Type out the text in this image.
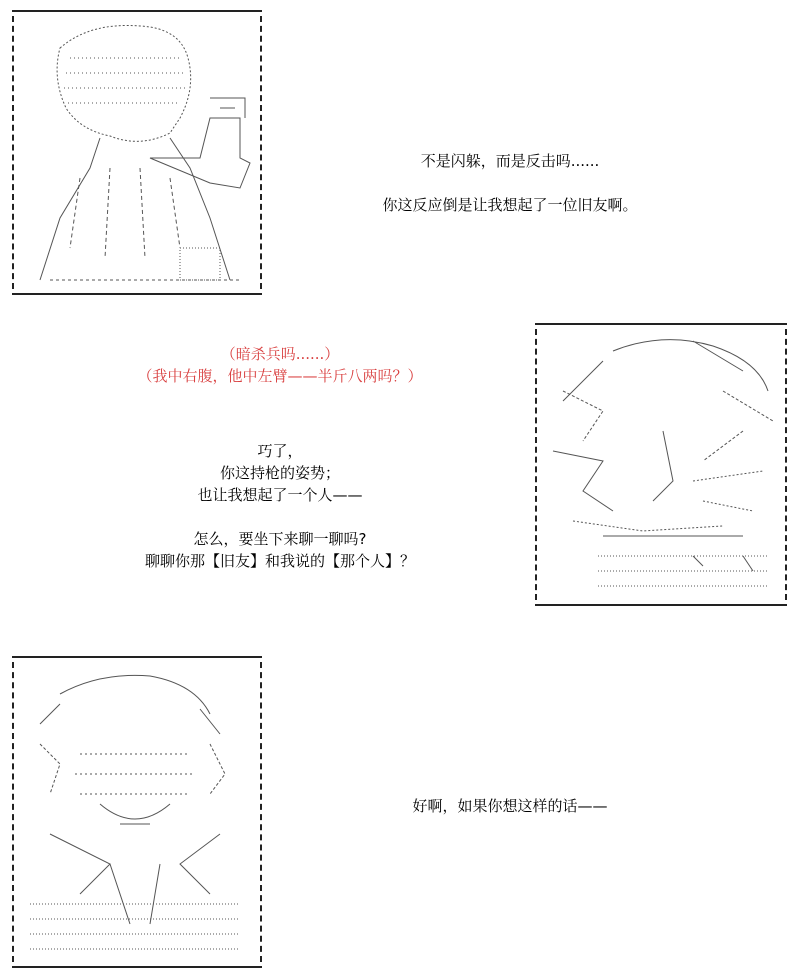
不是闪躲，而是反击吗......
你这反应倒是让我想起了一位旧友啊。
（暗杀兵吗......）
（我中右腹，他中左臂——半斤八两吗？）
巧了，
你这持枪的姿势；
也让我想起了一个人——
怎么，要坐下来聊一聊吗?
聊聊你那【旧友】和我说的【那个人】？
好啊，如果你想这样的话——
